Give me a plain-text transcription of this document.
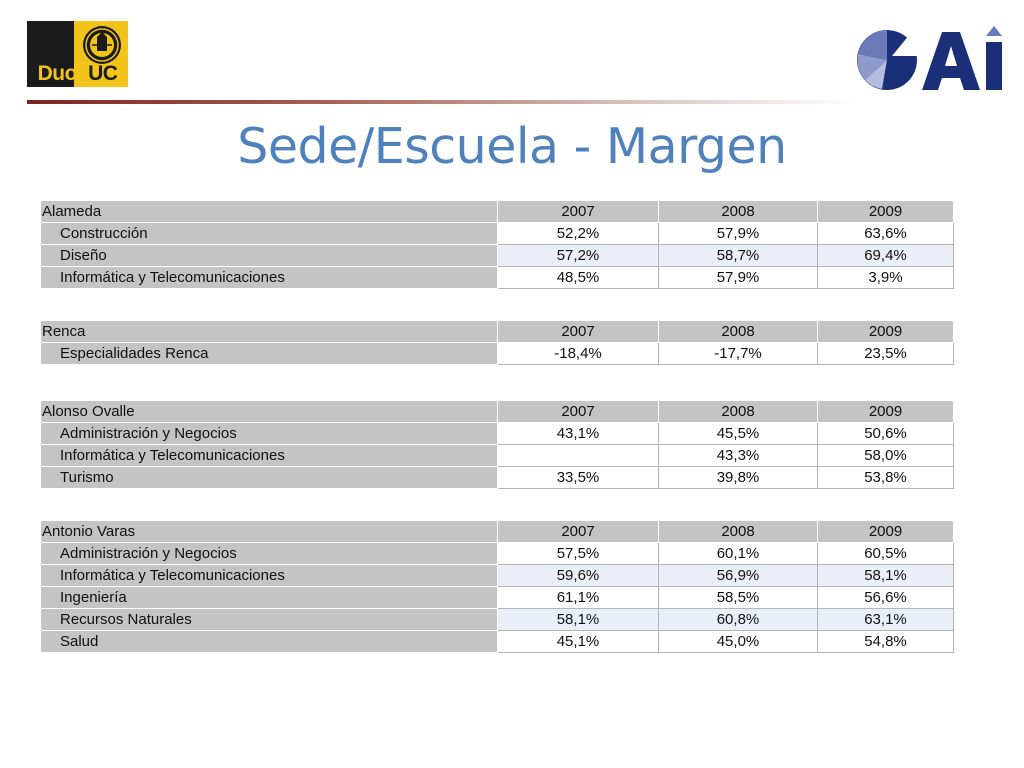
DuocUC
Sede/Escuela - Margen
Alameda	2007	2008	2009
Construcción	52,2%	57,9%	63,6%
Diseño	57,2%	58,7%	69,4%
Informática y Telecomunicaciones	48,5%	57,9%	3,9%
Renca	2007	2008	2009
Especialidades Renca	-18,4%	-17,7%	23,5%
Alonso Ovalle	2007	2008	2009
Administración y Negocios	43,1%	45,5%	50,6%
Informática y Telecomunicaciones		43,3%	58,0%
Turismo	33,5%	39,8%	53,8%
Antonio Varas	2007	2008	2009
Administración y Negocios	57,5%	60,1%	60,5%
Informática y Telecomunicaciones	59,6%	56,9%	58,1%
Ingeniería	61,1%	58,5%	56,6%
Recursos Naturales	58,1%	60,8%	63,1%
Salud	45,1%	45,0%	54,8%
